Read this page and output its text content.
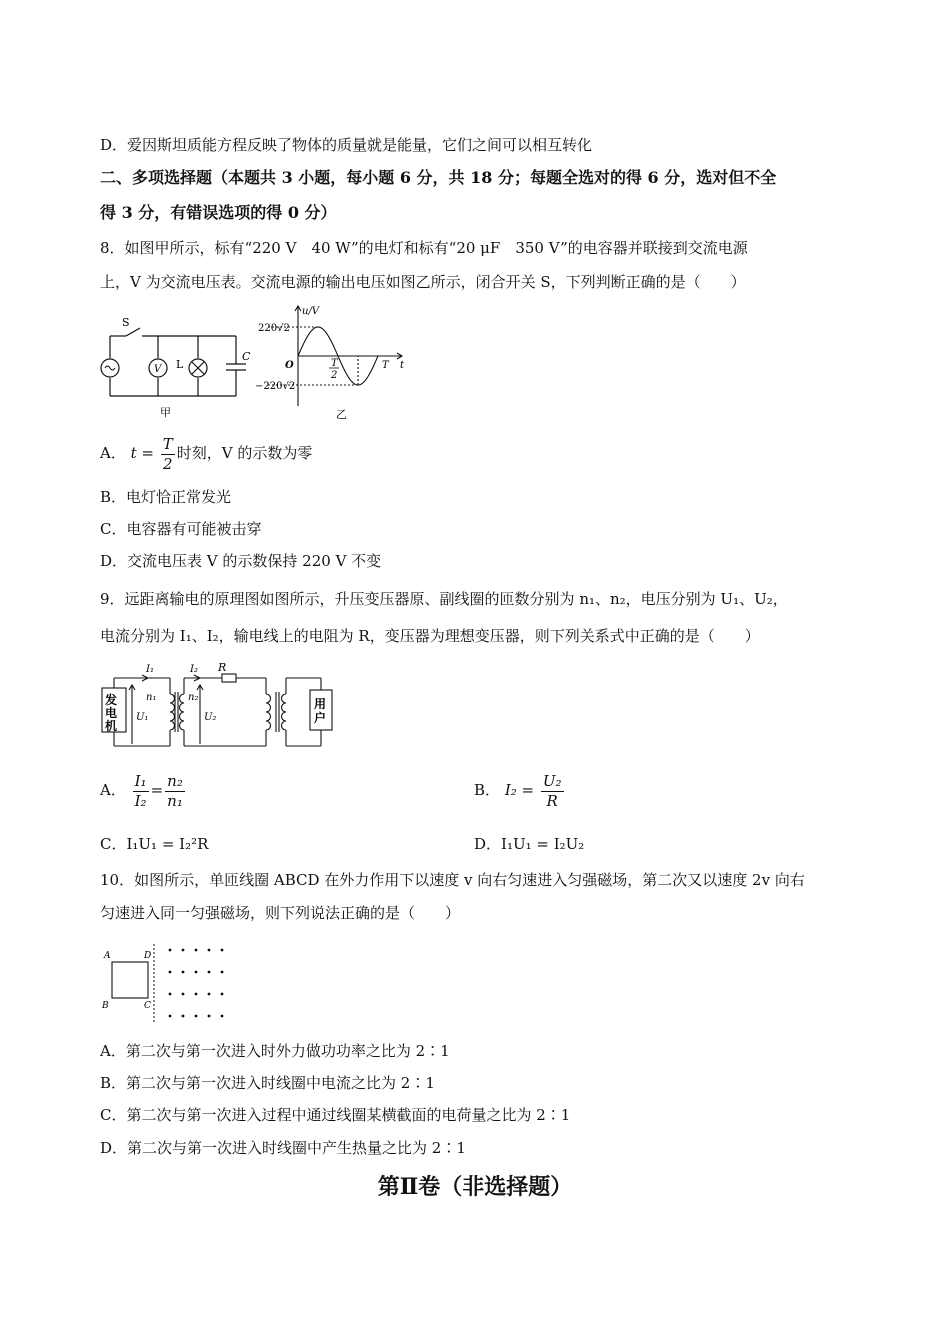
D．爱因斯坦质能方程反映了物体的质量就是能量，它们之间可以相互转化
二、多项选择题（本题共 3 小题，每小题 6 分，共 18 分；每题全选对的得 6 分，选对但不全
得 3 分，有错误选项的得 0 分）
8．如图甲所示，标有“220 V　40 W”的电灯和标有“20 μF　350 V”的电容器并联接到交流电源
上，V 为交流电压表。交流电源的输出电压如图乙所示，闭合开关 S，下列判断正确的是（　　）
S
V L
C
甲
u/V
220√2
−220√2
O	T
2
T t
乙
A． $t = \frac{T}{2}$ 时刻，V 的示数为零
B．电灯恰正常发光
C．电容器有可能被击穿
D．交流电压表 V 的示数保持 220 V 不变
9．远距离输电的原理图如图所示，升压变压器原、副线圈的匝数分别为 n₁、n₂，电压分别为 U₁、U₂，
电流分别为 I₁、I₂，输电线上的电阻为 R，变压器为理想变压器，则下列关系式中正确的是（　　）
发
电
机
用
户
I₁	I₂ R
n₁	n₂
U₁	U₂
A． $\frac{\text{I₁}}{\text{I₂}} = \frac{\text{n₂}}{\text{n₁}}$	B． $I_2 = \frac{\text{U₂}}{R}$
C．I₁U₁ = I₂²R	D．I₁U₁ = I₂U₂
10．如图所示，单匝线圈 ABCD 在外力作用下以速度 v 向右匀速进入匀强磁场，第二次又以速度 2v 向右
匀速进入同一匀强磁场，则下列说法正确的是（　　）
A	D
B	C
A．第二次与第一次进入时外力做功功率之比为 2∶1
B．第二次与第一次进入时线圈中电流之比为 2∶1
C．第二次与第一次进入过程中通过线圈某横截面的电荷量之比为 2∶1
D．第二次与第一次进入时线圈中产生热量之比为 2∶1
第Ⅱ卷（非选择题）
